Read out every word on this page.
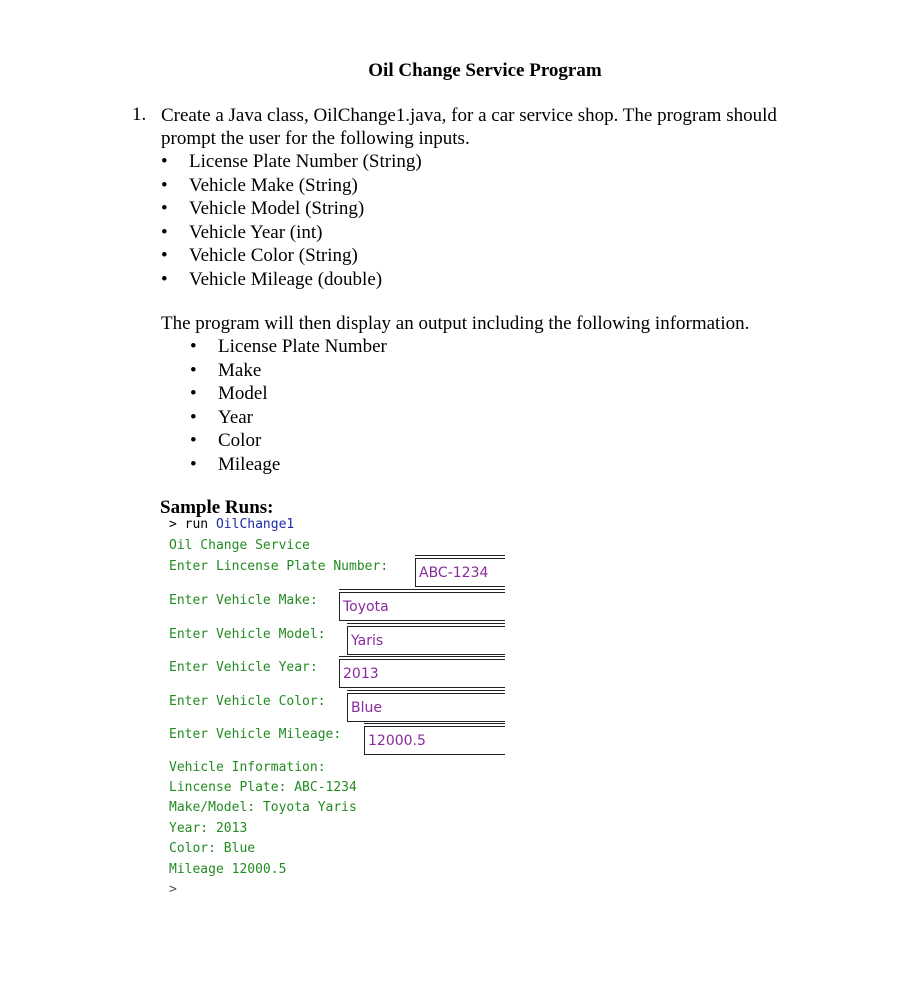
Oil Change Service Program
1. Create a Java class, OilChange1.java, for a car service shop. The program should
prompt the user for the following inputs.
• License Plate Number (String)
• Vehicle Make (String)
• Vehicle Model (String)
• Vehicle Year (int)
• Vehicle Color (String)
• Vehicle Mileage (double)
The program will then display an output including the following information.
• License Plate Number
• Make
• Model
• Year
• Color
• Mileage
Sample Runs:
> run OilChange1
Oil Change Service
Enter Lincense Plate Number: ABC-1234
Enter Vehicle Make: Toyota
Enter Vehicle Model: Yaris
Enter Vehicle Year: 2013
Enter Vehicle Color: Blue
Enter Vehicle Mileage: 12000.5
Vehicle Information:
Lincense Plate: ABC-1234
Make/Model: Toyota Yaris
Year: 2013
Color: Blue
Mileage 12000.5
>
